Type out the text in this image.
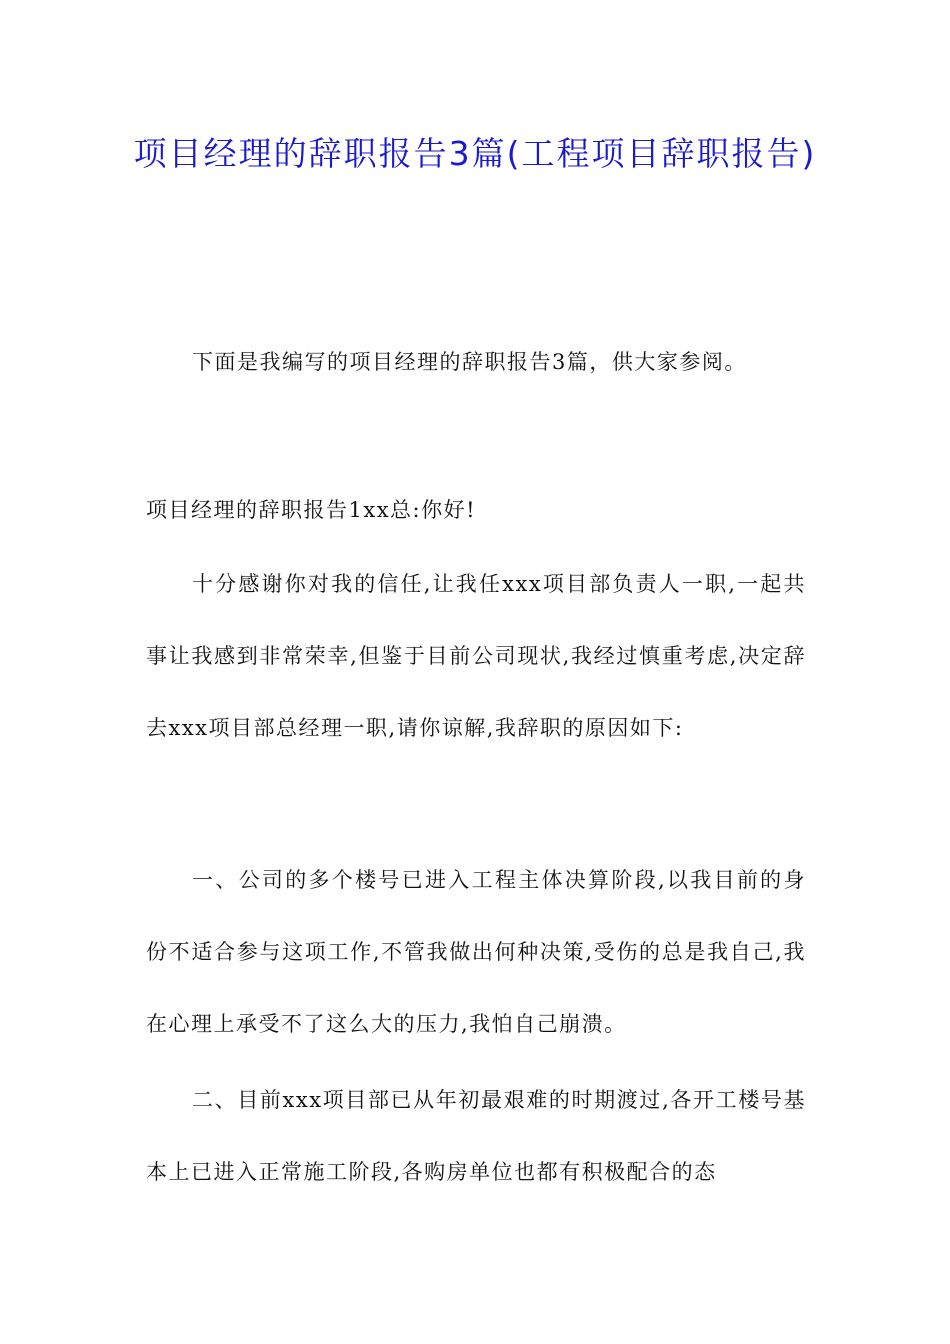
项目经理的辞职报告3篇(工程项目辞职报告)

下面是我编写的项目经理的辞职报告3篇，供大家参阅。

项目经理的辞职报告1xx总:你好!

十分感谢你对我的信任,让我任xxx项目部负责人一职,一起共事让我感到非常荣幸,但鉴于目前公司现状,我经过慎重考虑,决定辞去xxx项目部总经理一职,请你谅解,我辞职的原因如下:

一、公司的多个楼号已进入工程主体决算阶段,以我目前的身份不适合参与这项工作,不管我做出何种决策,受伤的总是我自己,我在心理上承受不了这么大的压力,我怕自己崩溃。

二、目前xxx项目部已从年初最艰难的时期渡过,各开工楼号基本上已进入正常施工阶段,各购房单位也都有积极配合的态
